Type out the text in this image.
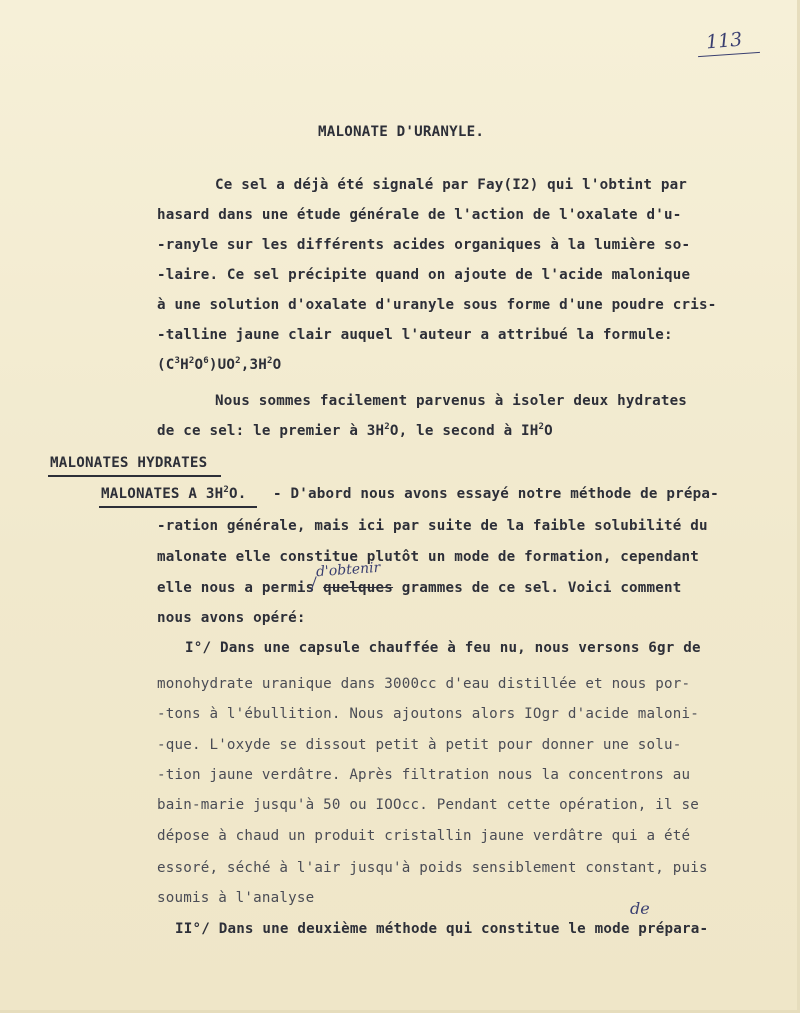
113
MALONATE D'URANYLE.
Ce sel a déjà été signalé par Fay(I2) qui l'obtint par
hasard dans une étude générale de l'action de l'oxalate d'u-
-ranyle sur les différents acides organiques à la lumière so-
-laire. Ce sel précipite quand on ajoute de l'acide malonique
à une solution d'oxalate d'uranyle sous forme d'une poudre cris-
-talline jaune clair auquel l'auteur a attribué la formule:
$(C^3H^2O^6)UO^2,3H^2O$
Nous sommes facilement parvenus à isoler deux hydrates
de ce sel: le premier à $3H^2O$, le second à $IH^2O$
MALONATES HYDRATES
MALONATES A $3H^2O$. - D'abord nous avons essayé notre méthode de prépa-
-ration générale, mais ici par suite de la faible solubilité du
malonate elle constitue plutôt un mode de formation, cependant
elle nous a permis quelques grammes de ce sel. Voici comment
d'obtenir
nous avons opéré:
I°/ Dans une capsule chauffée à feu nu, nous versons 6gr de
monohydrate uranique dans 3000cc d'eau distillée et nous por-
-tons à l'ébullition. Nous ajoutons alors IOgr d'acide maloni-
-que. L'oxyde se dissout petit à petit pour donner une solu-
-tion jaune verdâtre. Après filtration nous la concentrons au
bain-marie jusqu'à 50 ou IOOcc. Pendant cette opération, il se
dépose à chaud un produit cristallin jaune verdâtre qui a été
essoré, séché à l'air jusqu'à poids sensiblement constant, puis
soumis à l'analyse
II°/ Dans une deuxième méthode qui constitue le mode prépara-
de
